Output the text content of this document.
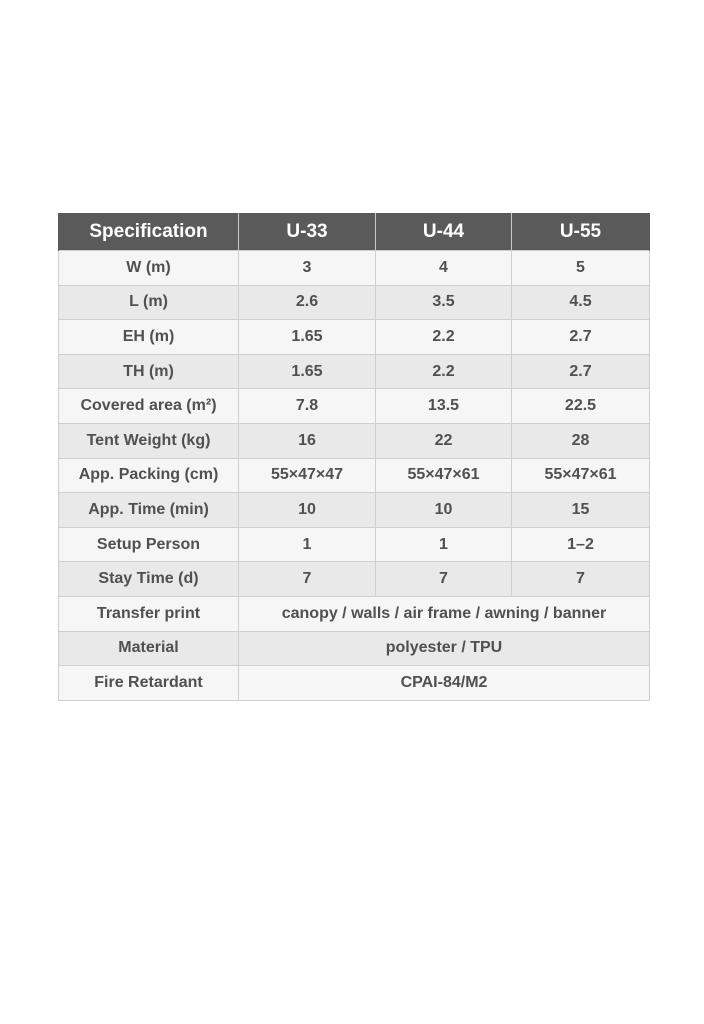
Specification	U-33	U-44	U-55
W (m)	3	4	5
L (m)	2.6	3.5	4.5
EH (m)	1.65	2.2	2.7
TH (m)	1.65	2.2	2.7
Covered area (m²)	7.8	13.5	22.5
Tent Weight (kg)	16	22	28
App. Packing (cm)	55×47×47	55×47×61	55×47×61
App. Time (min)	10	10	15
Setup Person	1	1	1–2
Stay Time (d)	7	7	7
Transfer print	canopy / walls / air frame / awning / banner		
Material	polyester / TPU		
Fire Retardant	CPAI-84/M2		
